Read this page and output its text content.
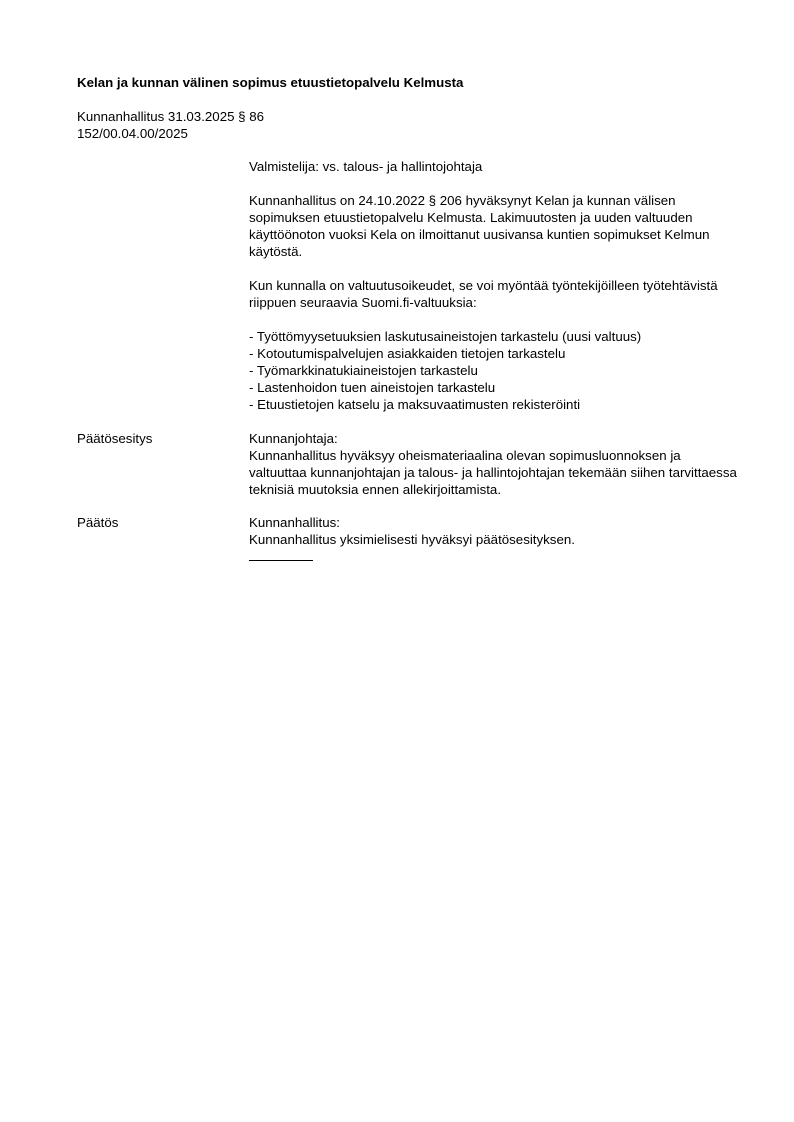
Kelan ja kunnan välinen sopimus etuustietopalvelu Kelmusta
Kunnanhallitus 31.03.2025 § 86
152/00.04.00/2025

Valmistelija: vs. talous- ja hallintojohtaja

Kunnanhallitus on 24.10.2022 § 206 hyväksynyt Kelan ja kunnan välisen sopimuksen etuustietopalvelu Kelmusta. Lakimuutosten ja uuden valtuuden käyttöönoton vuoksi Kela on ilmoittanut uusivansa kuntien sopimukset Kelmun käytöstä.

Kun kunnalla on valtuutusoikeudet, se voi myöntää työntekijöilleen työtehtävistä riippuen seuraavia Suomi.fi-valtuuksia:

- Työttömyysetuuksien laskutusaineistojen tarkastelu (uusi valtuus)
- Kotoutumispalvelujen asiakkaiden tietojen tarkastelu
- Työmarkkinatukiaineistojen tarkastelu
- Lastenhoidon tuen aineistojen tarkastelu
- Etuustietojen katselu ja maksuvaatimusten rekisteröinti
Päätösesitys	Kunnanjohtaja:

Kunnanhallitus hyväksyy oheismateriaalina olevan sopimusluonnoksen ja valtuuttaa kunnanjohtajan ja talous- ja hallintojohtajan tekemään siihen tarvittaessa teknisiä muutoksia ennen allekirjoittamista.

Päätös	Kunnanhallitus:

Kunnanhallitus yksimielisesti hyväksyi päätösesityksen.
